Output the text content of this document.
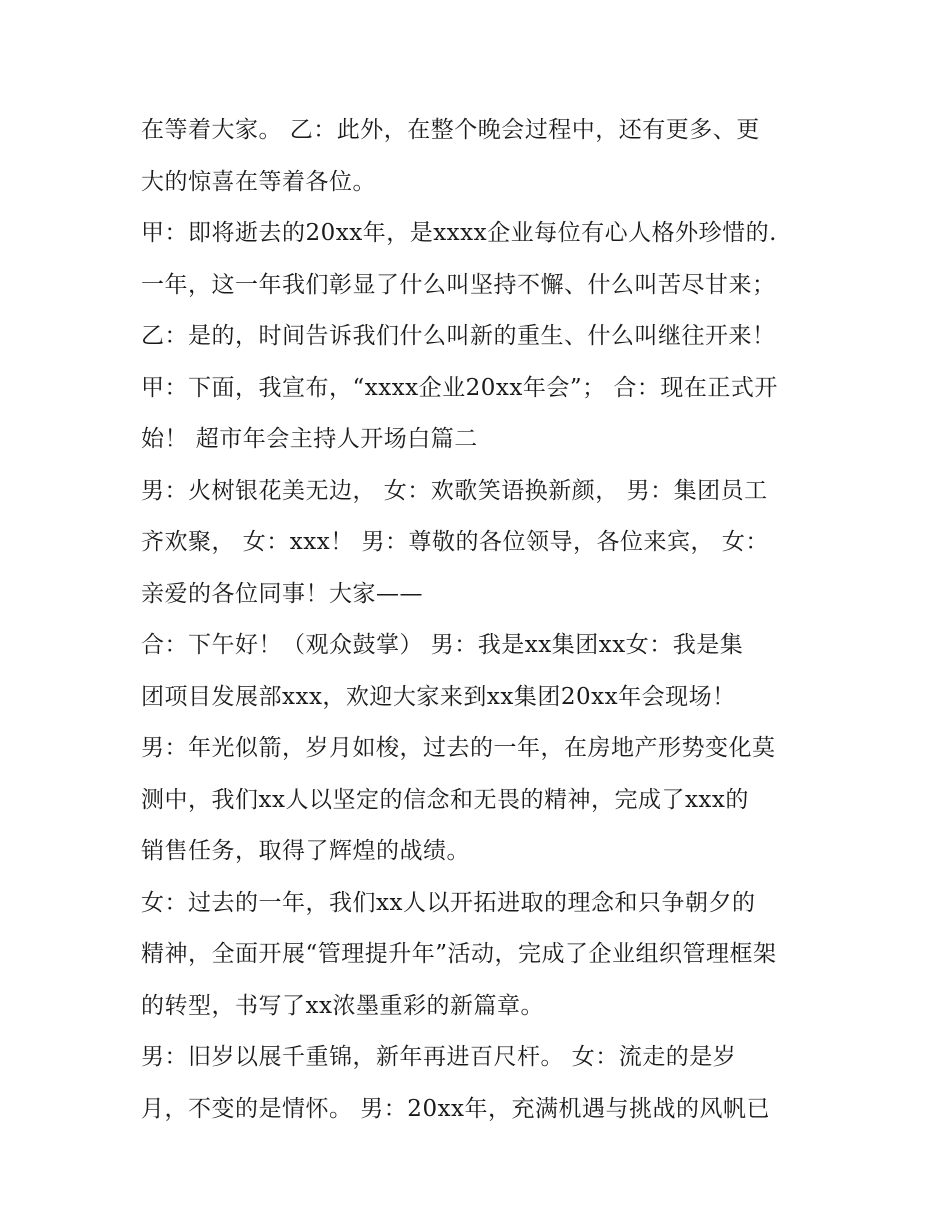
在等着大家。 乙：此外，在整个晚会过程中，还有更多、更
大的惊喜在等着各位。
甲：即将逝去的20xx年，是xxxx企业每位有心人格外珍惜的.
一年，这一年我们彰显了什么叫坚持不懈、什么叫苦尽甘来；
乙：是的，时间告诉我们什么叫新的重生、什么叫继往开来！
甲：下面，我宣布，“xxxx企业20xx年会”； 合：现在正式开
始！ 超市年会主持人开场白篇二
男：火树银花美无边， 女：欢歌笑语换新颜， 男：集团员工
齐欢聚， 女：xxx！ 男：尊敬的各位领导，各位来宾， 女：
亲爱的各位同事！大家——
合：下午好！（观众鼓掌） 男：我是xx集团xx女：我是集
团项目发展部xxx，欢迎大家来到xx集团20xx年会现场！
男：年光似箭，岁月如梭，过去的一年，在房地产形势变化莫
测中，我们xx人以坚定的信念和无畏的精神，完成了xxx的
销售任务，取得了辉煌的战绩。
女：过去的一年，我们xx人以开拓进取的理念和只争朝夕的
精神，全面开展“管理提升年”活动，完成了企业组织管理框架
的转型，书写了xx浓墨重彩的新篇章。
男：旧岁以展千重锦，新年再进百尺杆。 女：流走的是岁
月，不变的是情怀。 男：20xx年，充满机遇与挑战的风帆已
